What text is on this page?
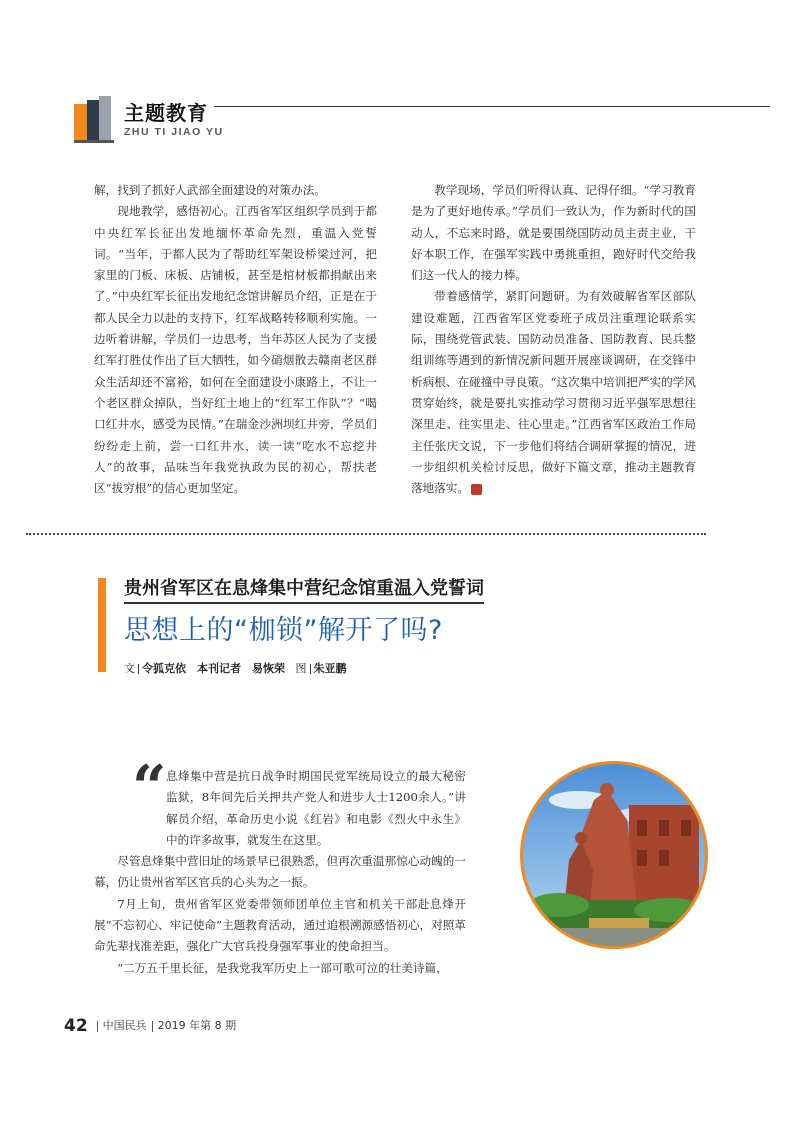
主题教育
ZHU TI JIAO YU

解，找到了抓好人武部全面建设的对策办法。

现地教学，感悟初心。江西省军区组织学员到于都中央红军长征出发地缅怀革命先烈，重温入党誓词。“当年，于都人民为了帮助红军架设桥梁过河，把家里的门板、床板、店铺板，甚至是棺材板都捐献出来了。”中央红军长征出发地纪念馆讲解员介绍，正是在于都人民全力以赴的支持下，红军战略转移顺利实施。一边听着讲解，学员们一边思考，当年苏区人民为了支援红军打胜仗作出了巨大牺牲，如今硝烟散去赣南老区群众生活却还不富裕，如何在全面建设小康路上，不让一个老区群众掉队，当好红土地上的“红军工作队”？“喝口红井水，感受为民情。”在瑞金沙洲坝红井旁，学员们纷纷走上前，尝一口红井水，读一读“吃水不忘挖井人”的故事，品味当年我党执政为民的初心，帮扶老区“拔穷根”的信心更加坚定。

教学现场，学员们听得认真、记得仔细。“学习教育是为了更好地传承。”学员们一致认为，作为新时代的国动人，不忘来时路，就是要围绕国防动员主责主业，干好本职工作，在强军实践中勇挑重担，跑好时代交给我们这一代人的接力棒。

带着感情学，紧盯问题研。为有效破解省军区部队建设难题，江西省军区党委班子成员注重理论联系实际，围绕党管武装、国防动员准备、国防教育、民兵整组训练等遇到的新情况新问题开展座谈调研，在交锋中析病根、在碰撞中寻良策。“这次集中培训把严实的学风贯穿始终，就是要扎实推动学习贯彻习近平强军思想往深里走、往实里走、往心里走。”江西省军区政治工作局主任张庆文说，下一步他们将结合调研掌握的情况，进一步组织机关检讨反思，做好下篇文章，推动主题教育落地落实。

贵州省军区在息烽集中营纪念馆重温入党誓词
思想上的“枷锁”解开了吗?
文 令狐克依　本刊记者　易恢荣 图 朱亚鹏
“ 息烽集中营是抗日战争时期国民党军统局设立的最大秘密监狱，8年间先后关押共产党人和进步人士1200余人。”讲解员介绍，革命历史小说《红岩》和电影《烈火中永生》中的许多故事，就发生在这里。

尽管息烽集中营旧址的场景早已很熟悉，但再次重温那惊心动魄的一幕，仍让贵州省军区官兵的心头为之一振。

7月上旬，贵州省军区党委带领师团单位主官和机关干部赴息烽开展“不忘初心、牢记使命”主题教育活动，通过追根溯源感悟初心，对照革命先辈找准差距，强化广大官兵投身强军事业的使命担当。

“二万五千里长征，是我党我军历史上一部可歌可泣的壮美诗篇，

42 中国民兵 2019 年第 8 期
